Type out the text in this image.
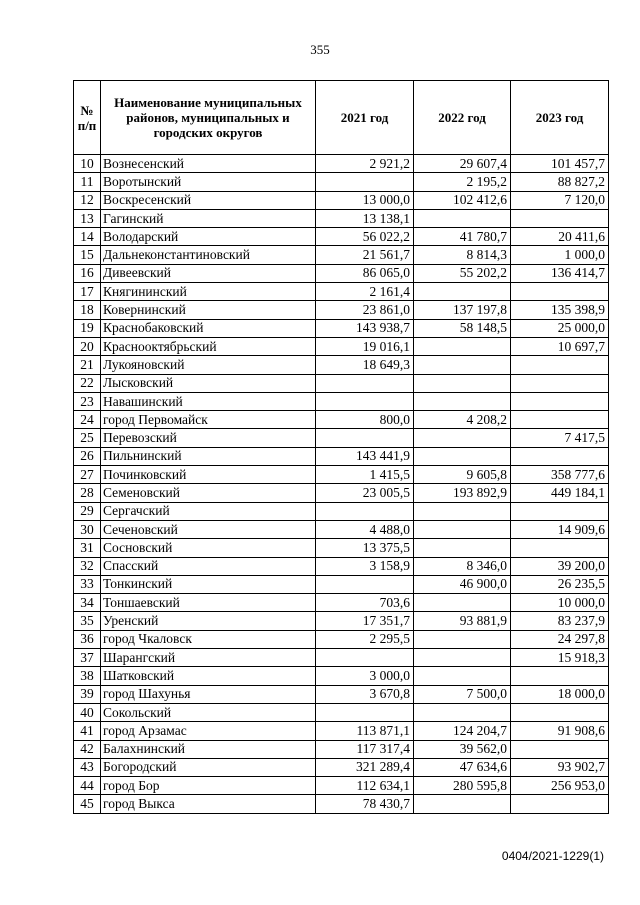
355
№ п/п	Наименование муниципальных районов, муниципальных и городских округов	2021 год	2022 год	2023 год
10	Вознесенский	2 921,2	29 607,4	101 457,7
11	Воротынский		2 195,2	88 827,2
12	Воскресенский	13 000,0	102 412,6	7 120,0
13	Гагинский	13 138,1		
14	Володарский	56 022,2	41 780,7	20 411,6
15	Дальнеконстантиновский	21 561,7	8 814,3	1 000,0
16	Дивеевский	86 065,0	55 202,2	136 414,7
17	Княгининский	2 161,4		
18	Ковернинский	23 861,0	137 197,8	135 398,9
19	Краснобаковский	143 938,7	58 148,5	25 000,0
20	Краснооктябрьский	19 016,1		10 697,7
21	Лукояновский	18 649,3		
22	Лысковский			
23	Навашинский			
24	город Первомайск	800,0	4 208,2	
25	Перевозский			7 417,5
26	Пильнинский	143 441,9		
27	Починковский	1 415,5	9 605,8	358 777,6
28	Семеновский	23 005,5	193 892,9	449 184,1
29	Сергачский			
30	Сеченовский	4 488,0		14 909,6
31	Сосновский	13 375,5		
32	Спасский	3 158,9	8 346,0	39 200,0
33	Тонкинский		46 900,0	26 235,5
34	Тоншаевский	703,6		10 000,0
35	Уренский	17 351,7	93 881,9	83 237,9
36	город Чкаловск	2 295,5		24 297,8
37	Шарангский			15 918,3
38	Шатковский	3 000,0		
39	город Шахунья	3 670,8	7 500,0	18 000,0
40	Сокольский			
41	город Арзамас	113 871,1	124 204,7	91 908,6
42	Балахнинский	117 317,4	39 562,0	
43	Богородский	321 289,4	47 634,6	93 902,7
44	город Бор	112 634,1	280 595,8	256 953,0
45	город Выкса	78 430,7		
0404/2021-1229(1)
